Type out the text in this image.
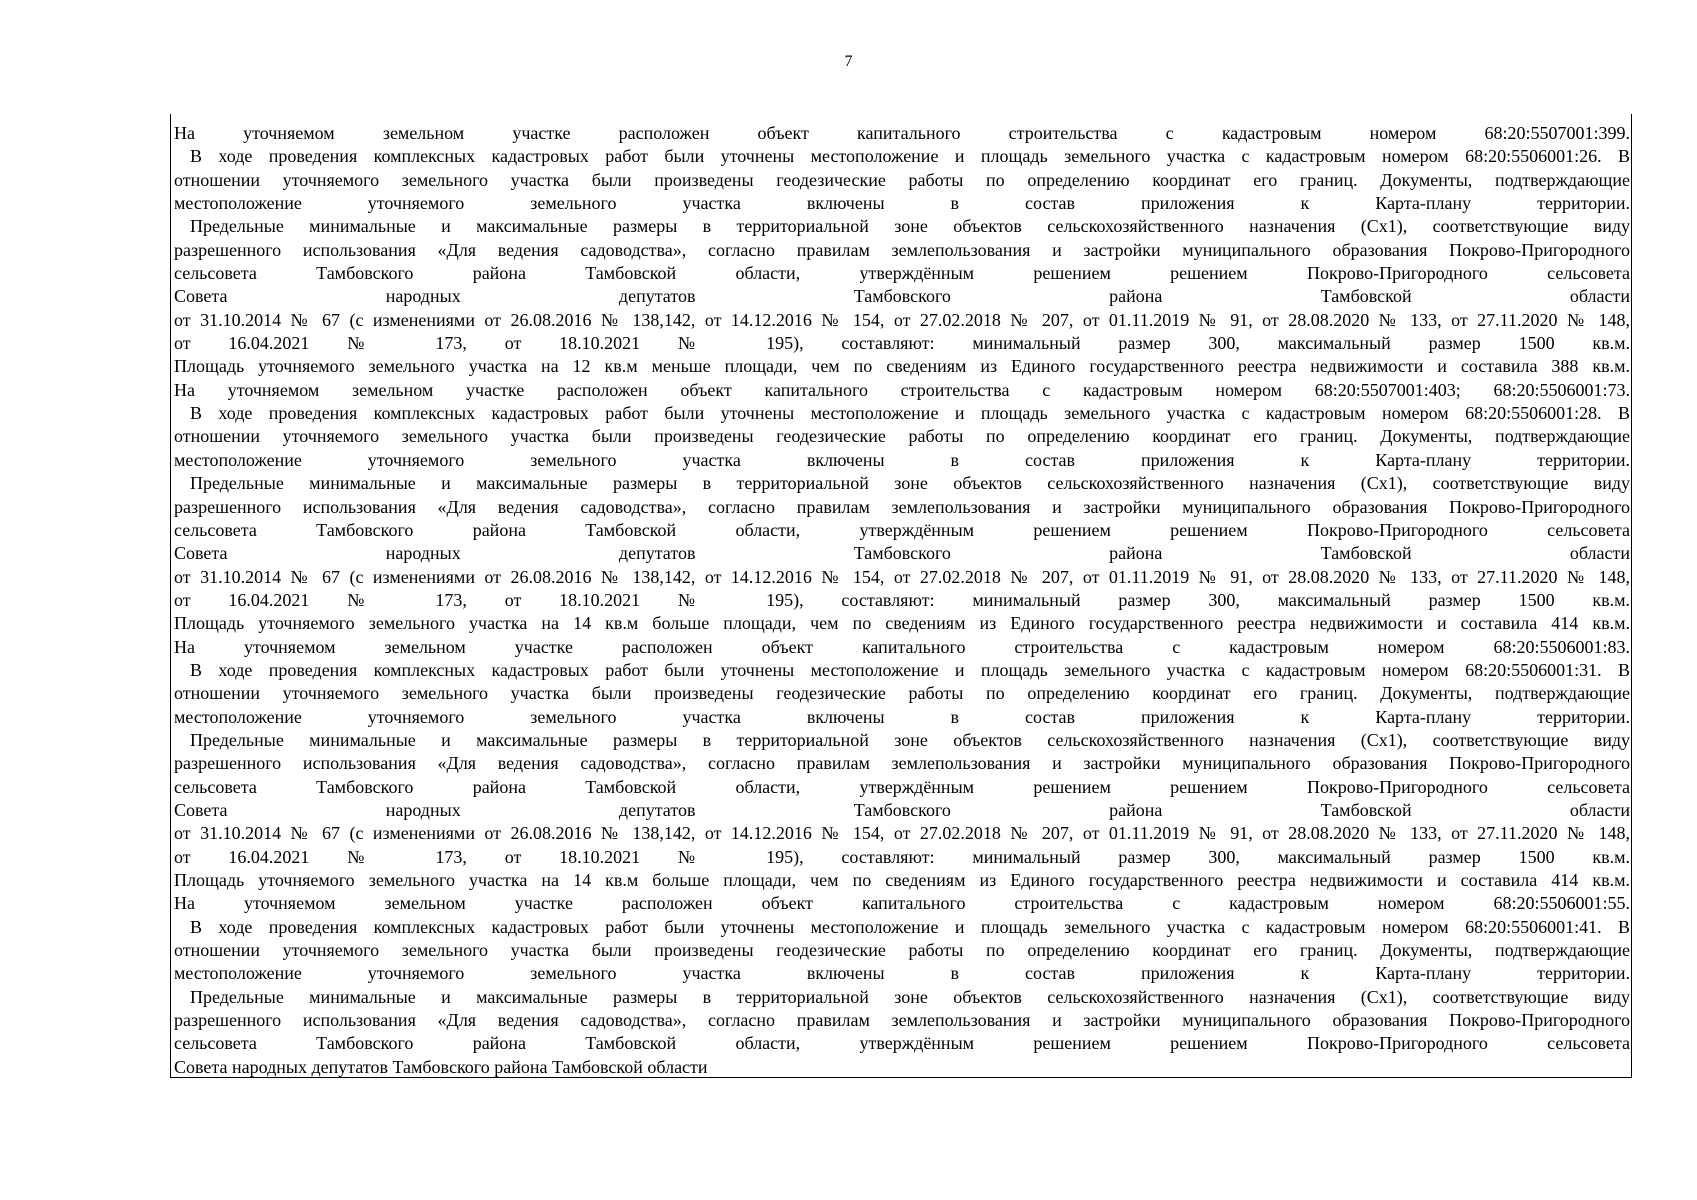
7
На уточняемом земельном участке расположен объект капитального строительства с кадастровым номером 68:20:5507001:399.
В ходе проведения комплексных кадастровых работ были уточнены местоположение и площадь земельного участка с кадастровым номером 68:20:5506001:26. В
отношении уточняемого земельного участка были произведены геодезические работы по определению координат его границ. Документы, подтверждающие
местоположение уточняемого земельного участка включены в состав приложения к Карта-плану территории.
Предельные минимальные и максимальные размеры в территориальной зоне объектов сельскохозяйственного назначения (Сх1), соответствующие виду
разрешенного использования «Для ведения садоводства», согласно правилам землепользования и застройки муниципального образования Покрово-Пригородного
сельсовета Тамбовского района Тамбовской области, утверждённым решением решением Покрово-Пригородного сельсовета
Совета народных депутатов Тамбовского района Тамбовской области
от 31.10.2014 № 67 (с изменениями от 26.08.2016 № 138,142, от 14.12.2016 № 154, от 27.02.2018 № 207, от 01.11.2019 № 91, от 28.08.2020 № 133, от 27.11.2020 № 148,
от 16.04.2021 № 173, от 18.10.2021 № 195), составляют: минимальный размер 300, максимальный размер 1500 кв.м.
Площадь уточняемого земельного участка на 12 кв.м меньше площади, чем по сведениям из Единого государственного реестра недвижимости и составила 388 кв.м.
На уточняемом земельном участке расположен объект капитального строительства с кадастровым номером 68:20:5507001:403; 68:20:5506001:73.
В ходе проведения комплексных кадастровых работ были уточнены местоположение и площадь земельного участка с кадастровым номером 68:20:5506001:28. В
отношении уточняемого земельного участка были произведены геодезические работы по определению координат его границ. Документы, подтверждающие
местоположение уточняемого земельного участка включены в состав приложения к Карта-плану территории.
Предельные минимальные и максимальные размеры в территориальной зоне объектов сельскохозяйственного назначения (Сх1), соответствующие виду
разрешенного использования «Для ведения садоводства», согласно правилам землепользования и застройки муниципального образования Покрово-Пригородного
сельсовета Тамбовского района Тамбовской области, утверждённым решением решением Покрово-Пригородного сельсовета
Совета народных депутатов Тамбовского района Тамбовской области
от 31.10.2014 № 67 (с изменениями от 26.08.2016 № 138,142, от 14.12.2016 № 154, от 27.02.2018 № 207, от 01.11.2019 № 91, от 28.08.2020 № 133, от 27.11.2020 № 148,
от 16.04.2021 № 173, от 18.10.2021 № 195), составляют: минимальный размер 300, максимальный размер 1500 кв.м.
Площадь уточняемого земельного участка на 14 кв.м больше площади, чем по сведениям из Единого государственного реестра недвижимости и составила 414 кв.м.
На уточняемом земельном участке расположен объект капитального строительства с кадастровым номером 68:20:5506001:83.
В ходе проведения комплексных кадастровых работ были уточнены местоположение и площадь земельного участка с кадастровым номером 68:20:5506001:31. В
отношении уточняемого земельного участка были произведены геодезические работы по определению координат его границ. Документы, подтверждающие
местоположение уточняемого земельного участка включены в состав приложения к Карта-плану территории.
Предельные минимальные и максимальные размеры в территориальной зоне объектов сельскохозяйственного назначения (Сх1), соответствующие виду
разрешенного использования «Для ведения садоводства», согласно правилам землепользования и застройки муниципального образования Покрово-Пригородного
сельсовета Тамбовского района Тамбовской области, утверждённым решением решением Покрово-Пригородного сельсовета
Совета народных депутатов Тамбовского района Тамбовской области
от 31.10.2014 № 67 (с изменениями от 26.08.2016 № 138,142, от 14.12.2016 № 154, от 27.02.2018 № 207, от 01.11.2019 № 91, от 28.08.2020 № 133, от 27.11.2020 № 148,
от 16.04.2021 № 173, от 18.10.2021 № 195), составляют: минимальный размер 300, максимальный размер 1500 кв.м.
Площадь уточняемого земельного участка на 14 кв.м больше площади, чем по сведениям из Единого государственного реестра недвижимости и составила 414 кв.м.
На уточняемом земельном участке расположен объект капитального строительства с кадастровым номером 68:20:5506001:55.
В ходе проведения комплексных кадастровых работ были уточнены местоположение и площадь земельного участка с кадастровым номером 68:20:5506001:41. В
отношении уточняемого земельного участка были произведены геодезические работы по определению координат его границ. Документы, подтверждающие
местоположение уточняемого земельного участка включены в состав приложения к Карта-плану территории.
Предельные минимальные и максимальные размеры в территориальной зоне объектов сельскохозяйственного назначения (Сх1), соответствующие виду
разрешенного использования «Для ведения садоводства», согласно правилам землепользования и застройки муниципального образования Покрово-Пригородного
сельсовета Тамбовского района Тамбовской области, утверждённым решением решением Покрово-Пригородного сельсовета
Совета народных депутатов Тамбовского района Тамбовской области
